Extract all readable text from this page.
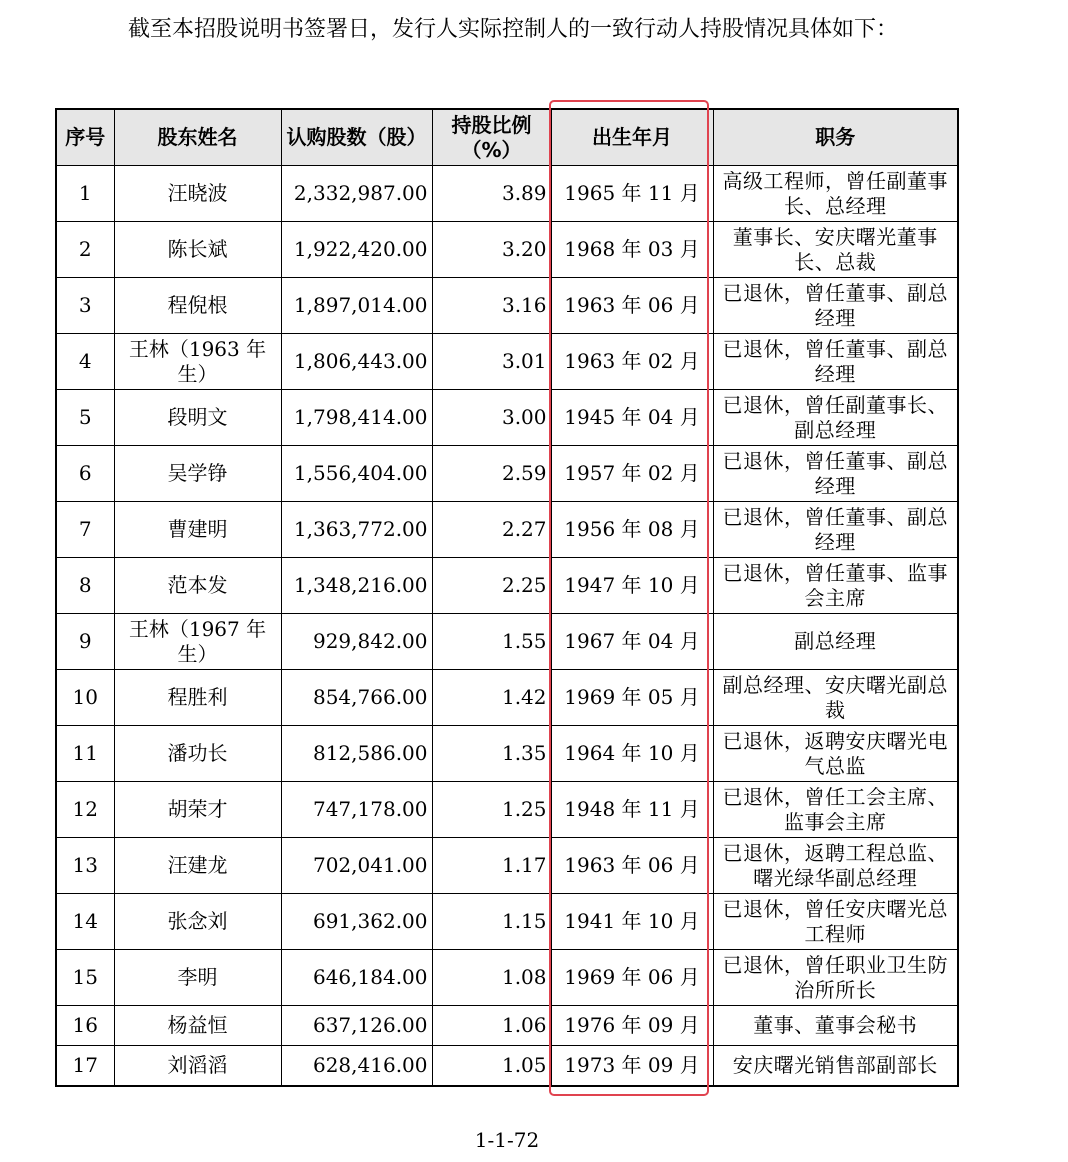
截至本招股说明书签署日，发行人实际控制人的一致行动人持股情况具体如下：

序号	股东姓名	认购股数（股）	持股比例（%）	出生年月	职务
1	汪晓波	2,332,987.00	3.89	1965 年 11 月	高级工程师，曾任副董事长、总经理
2	陈长斌	1,922,420.00	3.20	1968 年 03 月	董事长、安庆曙光董事长、总裁
3	程倪根	1,897,014.00	3.16	1963 年 06 月	已退休，曾任董事、副总经理
4	王林（1963 年生）	1,806,443.00	3.01	1963 年 02 月	已退休，曾任董事、副总经理
5	段明文	1,798,414.00	3.00	1945 年 04 月	已退休，曾任副董事长、副总经理
6	吴学铮	1,556,404.00	2.59	1957 年 02 月	已退休，曾任董事、副总经理
7	曹建明	1,363,772.00	2.27	1956 年 08 月	已退休，曾任董事、副总经理
8	范本发	1,348,216.00	2.25	1947 年 10 月	已退休，曾任董事、监事会主席
9	王林（1967 年生）	929,842.00	1.55	1967 年 04 月	副总经理
10	程胜利	854,766.00	1.42	1969 年 05 月	副总经理、安庆曙光副总裁
11	潘功长	812,586.00	1.35	1964 年 10 月	已退休，返聘安庆曙光电气总监
12	胡荣才	747,178.00	1.25	1948 年 11 月	已退休，曾任工会主席、监事会主席
13	汪建龙	702,041.00	1.17	1963 年 06 月	已退休，返聘工程总监、曙光绿华副总经理
14	张念刘	691,362.00	1.15	1941 年 10 月	已退休，曾任安庆曙光总工程师
15	李明	646,184.00	1.08	1969 年 06 月	已退休，曾任职业卫生防治所所长
16	杨益恒	637,126.00	1.06	1976 年 09 月	董事、董事会秘书
17	刘滔滔	628,416.00	1.05	1973 年 09 月	安庆曙光销售部副部长
1-1-72
